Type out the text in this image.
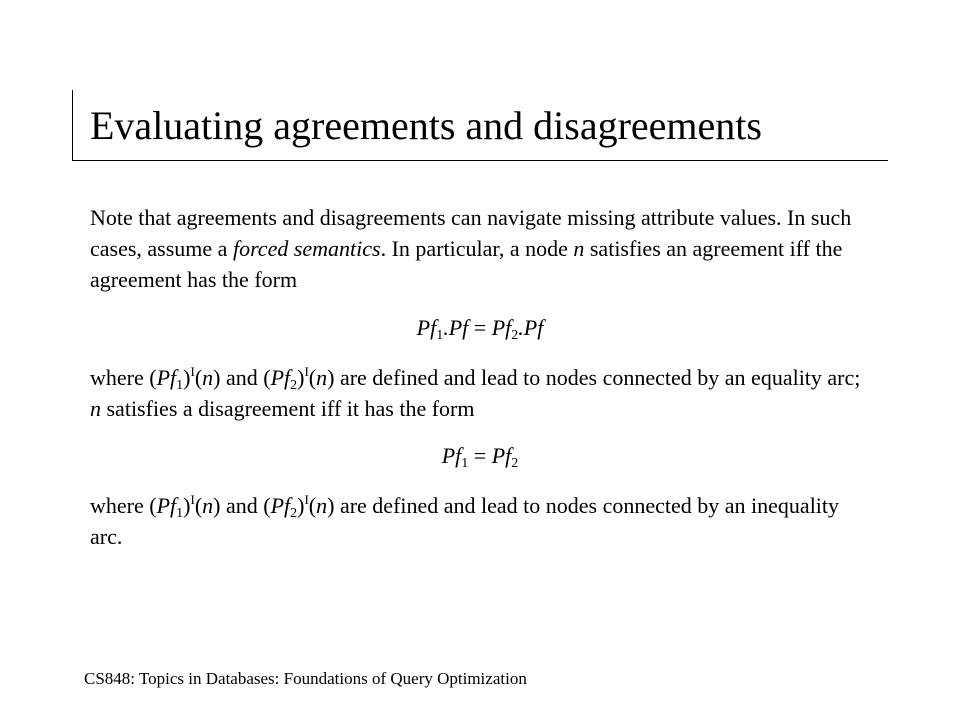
Evaluating agreements and disagreements
Note that agreements and disagreements can navigate missing attribute values. In such cases, assume a forced semantics. In particular, a node n satisfies an agreement iff the agreement has the form
$Pf_1.Pf = Pf_2.Pf$
where $(Pf_1)^I(n)$ and $(Pf_2)^I(n)$ are defined and lead to nodes connected by an equality arc; n satisfies a disagreement iff it has the form
$Pf_1 = Pf_2$
where $(Pf_1)^I(n)$ and $(Pf_2)^I(n)$ are defined and lead to nodes connected by an inequality arc.
CS848: Topics in Databases: Foundations of Query Optimization
